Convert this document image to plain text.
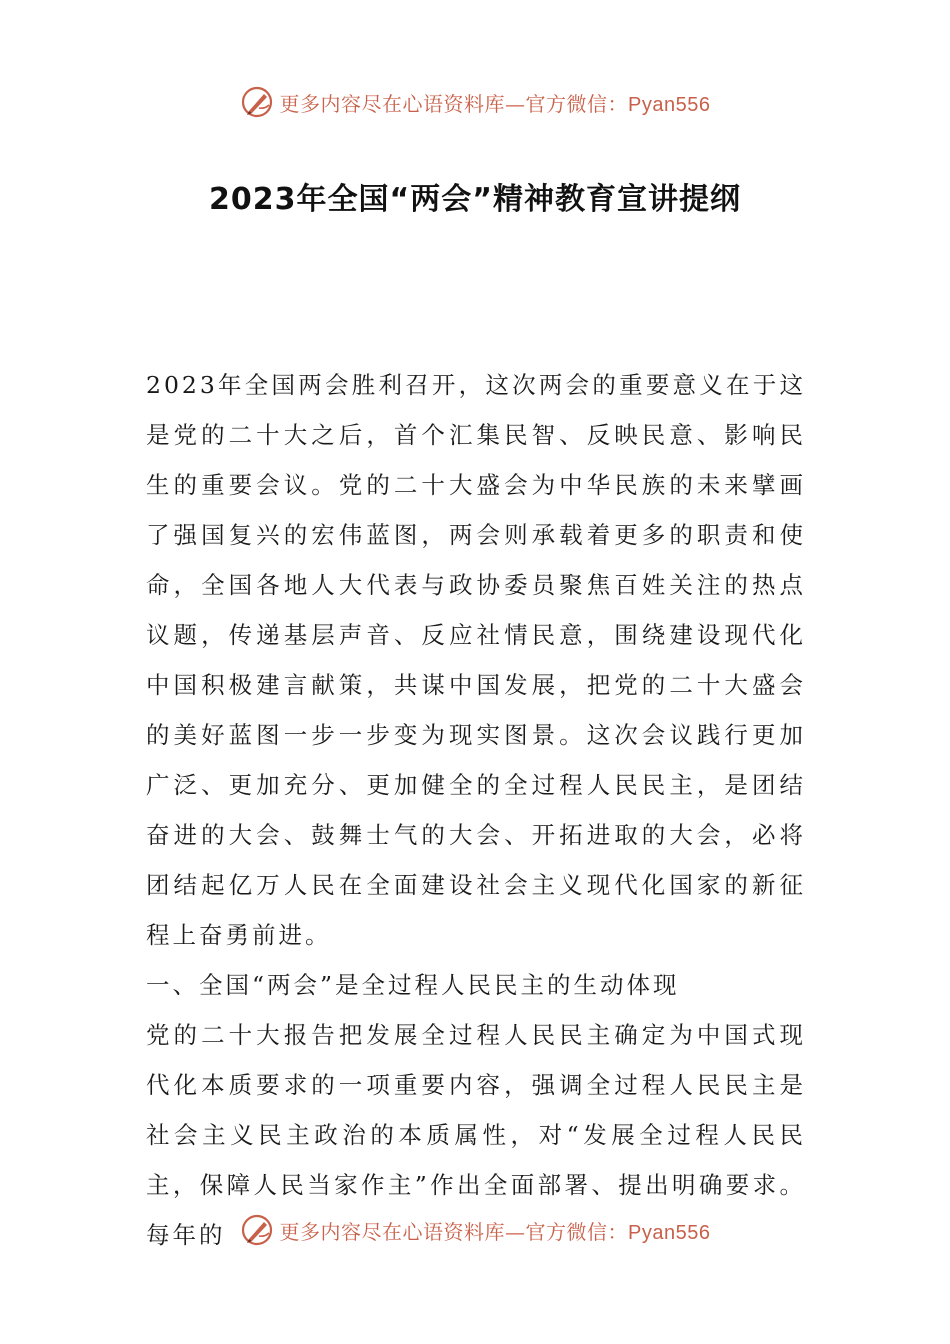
更多内容尽在心语资料库—官方微信：Pyan556
2023年全国“两会”精神教育宣讲提纲

2023年全国两会胜利召开，这次两会的重要意义在于这是党的二十大之后，首个汇集民智、反映民意、影响民生的重要会议。党的二十大盛会为中华民族的未来擘画了强国复兴的宏伟蓝图，两会则承载着更多的职责和使命，全国各地人大代表与政协委员聚焦百姓关注的热点议题，传递基层声音、反应社情民意，围绕建设现代化中国积极建言献策，共谋中国发展，把党的二十大盛会的美好蓝图一步一步变为现实图景。这次会议践行更加广泛、更加充分、更加健全的全过程人民民主，是团结奋进的大会、鼓舞士气的大会、开拓进取的大会，必将团结起亿万人民在全面建设社会主义现代化国家的新征程上奋勇前进。

一、全国“两会”是全过程人民民主的生动体现

党的二十大报告把发展全过程人民民主确定为中国式现代化本质要求的一项重要内容，强调全过程人民民主是社会主义民主政治的本质属性，对“发展全过程人民民主，保障人民当家作主”作出全面部署、提出明确要求。每年的	更多内容尽在心语资料库—官方微信：Pyan556
